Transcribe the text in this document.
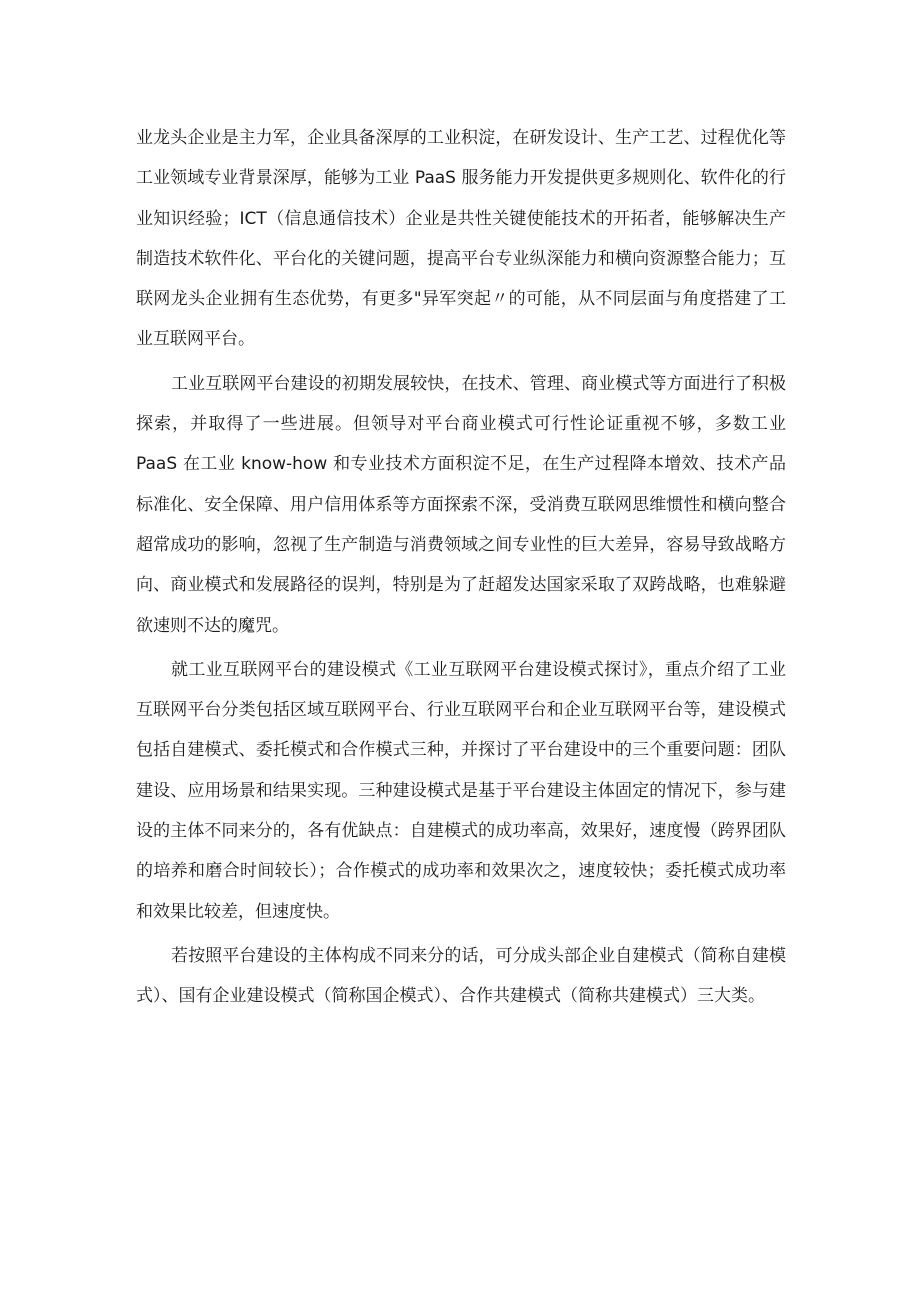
业龙头企业是主力军，企业具备深厚的工业积淀，在研发设计、生产工艺、过程优化等工业领域专业背景深厚，能够为工业 PaaS 服务能力开发提供更多规则化、软件化的行业知识经验；ICT（信息通信技术）企业是共性关键使能技术的开拓者，能够解决生产制造技术软件化、平台化的关键问题，提高平台专业纵深能力和横向资源整合能力；互联网龙头企业拥有生态优势，有更多"异军突起〃的可能，从不同层面与角度搭建了工业互联网平台。

工业互联网平台建设的初期发展较快，在技术、管理、商业模式等方面进行了积极探索，并取得了一些进展。但领导对平台商业模式可行性论证重视不够，多数工业 PaaS 在工业 know-how 和专业技术方面积淀不足，在生产过程降本增效、技术产品标准化、安全保障、用户信用体系等方面探索不深，受消费互联网思维惯性和横向整合超常成功的影响，忽视了生产制造与消费领域之间专业性的巨大差异，容易导致战略方向、商业模式和发展路径的误判，特别是为了赶超发达国家采取了双跨战略，也难躲避欲速则不达的魔咒。

就工业互联网平台的建设模式《工业互联网平台建设模式探讨》，重点介绍了工业互联网平台分类包括区域互联网平台、行业互联网平台和企业互联网平台等，建设模式包括自建模式、委托模式和合作模式三种，并探讨了平台建设中的三个重要问题：团队建设、应用场景和结果实现。三种建设模式是基于平台建设主体固定的情况下，参与建设的主体不同来分的，各有优缺点：自建模式的成功率高，效果好，速度慢（跨界团队的培养和磨合时间较长）；合作模式的成功率和效果次之，速度较快；委托模式成功率和效果比较差，但速度快。

若按照平台建设的主体构成不同来分的话，可分成头部企业自建模式（简称自建模式）、国有企业建设模式（简称国企模式）、合作共建模式（简称共建模式）三大类。
